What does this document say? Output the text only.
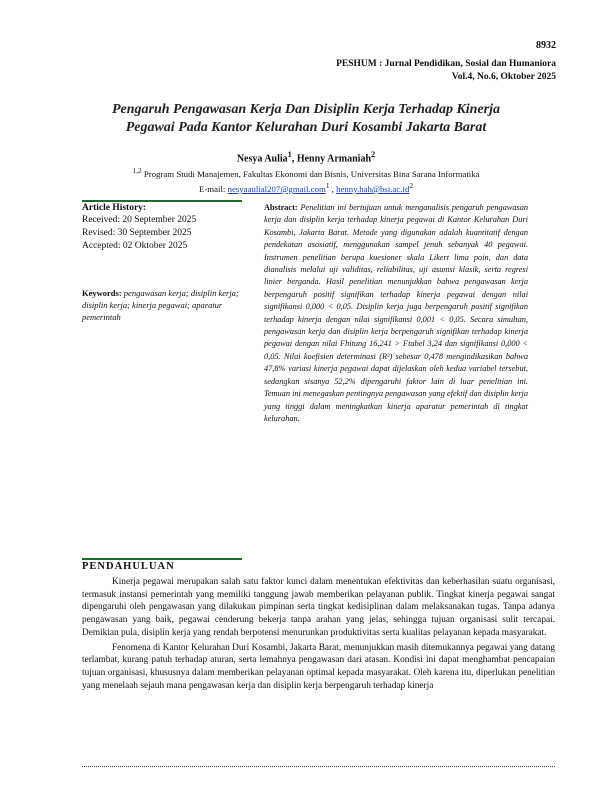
8932
PESHUM : Jurnal Pendidikan, Sosial dan Humaniora
Vol.4, No.6, Oktober 2025
Pengaruh Pengawasan Kerja Dan Disiplin Kerja Terhadap Kinerja
Pegawai Pada Kantor Kelurahan Duri Kosambi Jakarta Barat
Nesya Aulia$^1$, Henny Armaniah$^2$
$^{1,2}$ Program Studi Manajemen, Fakultas Ekonomi dan Bisnis, Universitas Bina Sarana Informatika
E-mail: nesyaaulial207@gmail.com$^1$ , $henny.hah@bsi.ac.id^2$
Article History:
Received: 20 September 2025
Revised: 30 September 2025
Accepted: 02 Oktober 2025
Keywords: pengawasan kerja; disiplin kerja; disiplin kerja; kinerja pegawai; aparatur pemerintah
Abstract: Penelitian ini bertujuan untuk menganalisis pengaruh pengawasan kerja dan disiplin kerja terhadap kinerja pegawai di Kantor Kelurahan Duri Kosambi, Jakarta Barat. Metode yang digunakan adalah kuantitatif dengan pendekatan asosiatif, menggunakan sampel jenuh sebanyak 40 pegawai. Instrumen penelitian berupa kuesioner skala Likert lima poin, dan data dianalisis melalui uji validitas, reliabilitas, uji asumsi klasik, serta regresi linier berganda. Hasil penelitian menunjukkan bahwa pengawasan kerja berpengaruh positif signifikan terhadap kinerja pegawai dengan nilai signifikansi 0,000 < 0,05. Disiplin kerja juga berpengaruh positif signifikan terhadap kinerja dengan nilai signifikansi 0,001 < 0,05. Secara simultan, pengawasan kerja dan disiplin kerja berpengaruh signifikan terhadap kinerja pegawai dengan nilai Fhitung 16,241 > Ftabel 3,24 dan signifikansi 0,000 < 0,05. Nilai koefisien determinasi (R²) sebesar 0,478 mengindikasikan bahwa 47,8% variasi kinerja pegawai dapat dijelaskan oleh kedua variabel tersebut, sedangkan sisanya 52,2% dipengaruhi faktor lain di luar penelitian ini. Temuan ini menegaskan pentingnya pengawasan yang efektif dan disiplin kerja yang tinggi dalam meningkatkan kinerja aparatur pemerintah di tingkat kelurahan.
PENDAHULUAN

Kinerja pegawai merupakan salah satu faktor kunci dalam menentukan efektivitas dan keberhasilan suatu organisasi, termasuk instansi pemerintah yang memiliki tanggung jawab memberikan pelayanan publik. Tingkat kinerja pegawai sangat dipengaruhi oleh pengawasan yang dilakukan pimpinan serta tingkat kedisiplinan dalam melaksanakan tugas. Tanpa adanya pengawasan yang baik, pegawai cenderung bekerja tanpa arahan yang jelas, sehingga tujuan organisasi sulit tercapai. Demikian pula, disiplin kerja yang rendah berpotensi menurunkan produktivitas serta kualitas pelayanan kepada masyarakat.

Fenomena di Kantor Kelurahan Duri Kosambi, Jakarta Barat, menunjukkan masih ditemukannya pegawai yang datang terlambat, kurang patuh terhadap aturan, serta lemahnya pengawasan dari atasan. Kondisi ini dapat menghambat pencapaian tujuan organisasi, khususnya dalam memberikan pelayanan optimal kepada masyarakat. Oleh karena itu, diperlukan penelitian yang menelaah sejauh mana pengawasan kerja dan disiplin kerja berpengaruh terhadap kinerja
